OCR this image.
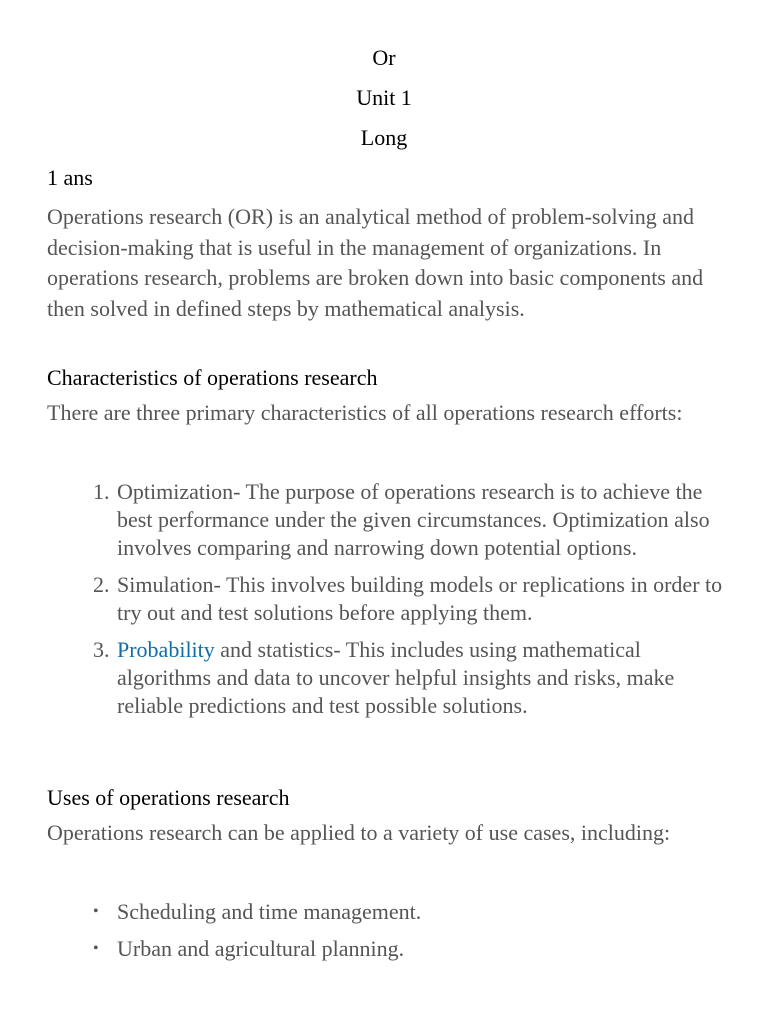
Or
Unit 1
Long
1 ans
Operations research (OR) is an analytical method of problem-solving and decision-making that is useful in the management of organizations. In operations research, problems are broken down into basic components and then solved in defined steps by mathematical analysis.
Characteristics of operations research
There are three primary characteristics of all operations research efforts:
1. Optimization- The purpose of operations research is to achieve the best performance under the given circumstances. Optimization also involves comparing and narrowing down potential options.
2. Simulation- This involves building models or replications in order to try out and test solutions before applying them.
3. Probability and statistics- This includes using mathematical algorithms and data to uncover helpful insights and risks, make reliable predictions and test possible solutions.
Uses of operations research
Operations research can be applied to a variety of use cases, including:
• Scheduling and time management.
• Urban and agricultural planning.
